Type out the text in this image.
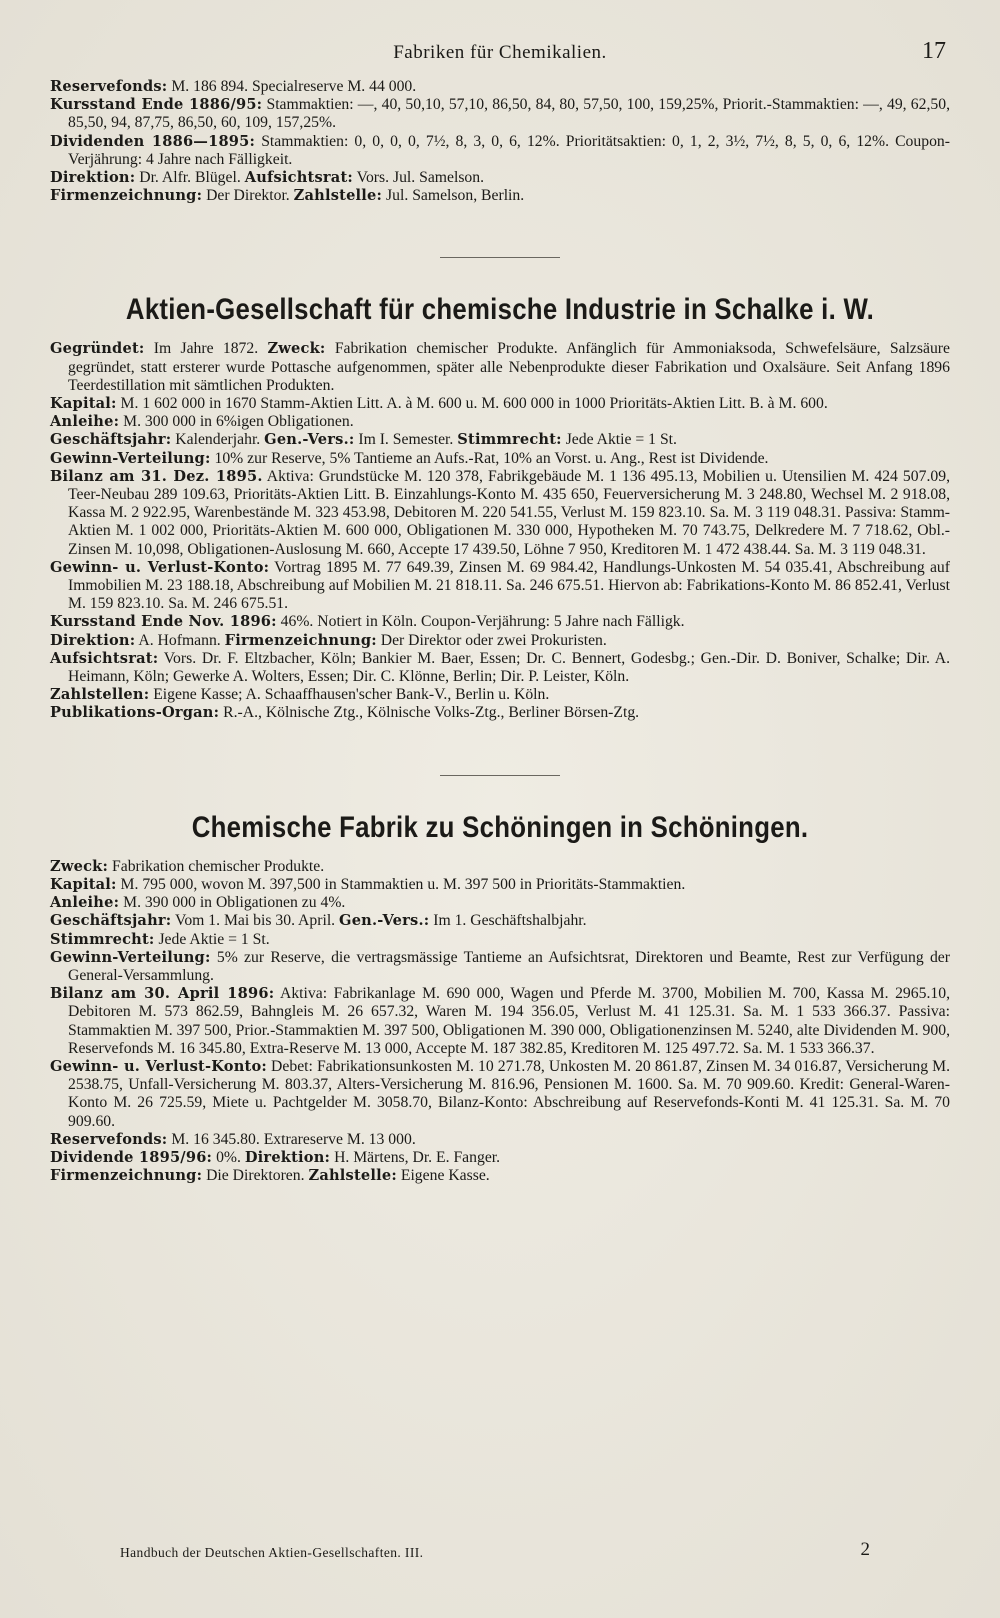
Fabriken für Chemikalien.	17

Reservefonds: M. 186 894. Specialreserve M. 44 000.

Kursstand Ende 1886/95: Stammaktien: —, 40, 50,10, 57,10, 86,50, 84, 80, 57,50, 100, 159,25%, Priorit.-Stammaktien: —, 49, 62,50, 85,50, 94, 87,75, 86,50, 60, 109, 157,25%.

Dividenden 1886—1895: Stammaktien: 0, 0, 0, 0, 7½, 8, 3, 0, 6, 12%. Prioritätsaktien: 0, 1, 2, 3½, 7½, 8, 5, 0, 6, 12%. Coupon-Verjährung: 4 Jahre nach Fälligkeit.

Direktion: Dr. Alfr. Blügel. Aufsichtsrat: Vors. Jul. Samelson.

Firmenzeichnung: Der Direktor. Zahlstelle: Jul. Samelson, Berlin.

Aktien-Gesellschaft für chemische Industrie in Schalke i. W.

Gegründet: Im Jahre 1872. Zweck: Fabrikation chemischer Produkte. Anfänglich für Ammoniaksoda, Schwefelsäure, Salzsäure gegründet, statt ersterer wurde Pottasche aufgenommen, später alle Nebenprodukte dieser Fabrikation und Oxalsäure. Seit Anfang 1896 Teerdestillation mit sämtlichen Produkten.

Kapital: M. 1 602 000 in 1670 Stamm-Aktien Litt. A. à M. 600 u. M. 600 000 in 1000 Prioritäts-Aktien Litt. B. à M. 600.

Anleihe: M. 300 000 in 6%igen Obligationen.

Geschäftsjahr: Kalenderjahr. Gen.-Vers.: Im I. Semester. Stimmrecht: Jede Aktie = 1 St.

Gewinn-Verteilung: 10% zur Reserve, 5% Tantieme an Aufs.-Rat, 10% an Vorst. u. Ang., Rest ist Dividende.

Bilanz am 31. Dez. 1895. Aktiva: Grundstücke M. 120 378, Fabrikgebäude M. 1 136 495.13, Mobilien u. Utensilien M. 424 507.09, Teer-Neubau 289 109.63, Prioritäts-Aktien Litt. B. Einzahlungs-Konto M. 435 650, Feuerversicherung M. 3 248.80, Wechsel M. 2 918.08, Kassa M. 2 922.95, Warenbestände M. 323 453.98, Debitoren M. 220 541.55, Verlust M. 159 823.10. Sa. M. 3 119 048.31. Passiva: Stamm-Aktien M. 1 002 000, Prioritäts-Aktien M. 600 000, Obligationen M. 330 000, Hypotheken M. 70 743.75, Delkredere M. 7 718.62, Obl.-Zinsen M. 10,098, Obligationen-Auslosung M. 660, Accepte 17 439.50, Löhne 7 950, Kreditoren M. 1 472 438.44. Sa. M. 3 119 048.31.

Gewinn- u. Verlust-Konto: Vortrag 1895 M. 77 649.39, Zinsen M. 69 984.42, Handlungs-Unkosten M. 54 035.41, Abschreibung auf Immobilien M. 23 188.18, Abschreibung auf Mobilien M. 21 818.11. Sa. 246 675.51. Hiervon ab: Fabrikations-Konto M. 86 852.41, Verlust M. 159 823.10. Sa. M. 246 675.51.

Kursstand Ende Nov. 1896: 46%. Notiert in Köln. Coupon-Verjährung: 5 Jahre nach Fälligk.

Direktion: A. Hofmann. Firmenzeichnung: Der Direktor oder zwei Prokuristen.

Aufsichtsrat: Vors. Dr. F. Eltzbacher, Köln; Bankier M. Baer, Essen; Dr. C. Bennert, Godesbg.; Gen.-Dir. D. Boniver, Schalke; Dir. A. Heimann, Köln; Gewerke A. Wolters, Essen; Dir. C. Klönne, Berlin; Dir. P. Leister, Köln.

Zahlstellen: Eigene Kasse; A. Schaaffhausen'scher Bank-V., Berlin u. Köln.

Publikations-Organ: R.-A., Kölnische Ztg., Kölnische Volks-Ztg., Berliner Börsen-Ztg.

Chemische Fabrik zu Schöningen in Schöningen.

Zweck: Fabrikation chemischer Produkte.

Kapital: M. 795 000, wovon M. 397,500 in Stammaktien u. M. 397 500 in Prioritäts-Stammaktien.

Anleihe: M. 390 000 in Obligationen zu 4%.

Geschäftsjahr: Vom 1. Mai bis 30. April. Gen.-Vers.: Im 1. Geschäftshalbjahr.

Stimmrecht: Jede Aktie = 1 St.

Gewinn-Verteilung: 5% zur Reserve, die vertragsmässige Tantieme an Aufsichtsrat, Direktoren und Beamte, Rest zur Verfügung der General-Versammlung.

Bilanz am 30. April 1896: Aktiva: Fabrikanlage M. 690 000, Wagen und Pferde M. 3700, Mobilien M. 700, Kassa M. 2965.10, Debitoren M. 573 862.59, Bahngleis M. 26 657.32, Waren M. 194 356.05, Verlust M. 41 125.31. Sa. M. 1 533 366.37. Passiva: Stammaktien M. 397 500, Prior.-Stammaktien M. 397 500, Obligationen M. 390 000, Obligationenzinsen M. 5240, alte Dividenden M. 900, Reservefonds M. 16 345.80, Extra-Reserve M. 13 000, Accepte M. 187 382.85, Kreditoren M. 125 497.72. Sa. M. 1 533 366.37.

Gewinn- u. Verlust-Konto: Debet: Fabrikationsunkosten M. 10 271.78, Unkosten M. 20 861.87, Zinsen M. 34 016.87, Versicherung M. 2538.75, Unfall-Versicherung M. 803.37, Alters-Versicherung M. 816.96, Pensionen M. 1600. Sa. M. 70 909.60. Kredit: General-Waren-Konto M. 26 725.59, Miete u. Pachtgelder M. 3058.70, Bilanz-Konto: Abschreibung auf Reservefonds-Konti M. 41 125.31. Sa. M. 70 909.60.

Reservefonds: M. 16 345.80. Extrareserve M. 13 000.

Dividende 1895/96: 0%. Direktion: H. Märtens, Dr. E. Fanger.

Firmenzeichnung: Die Direktoren. Zahlstelle: Eigene Kasse.

Handbuch der Deutschen Aktien-Gesellschaften. III.	2
